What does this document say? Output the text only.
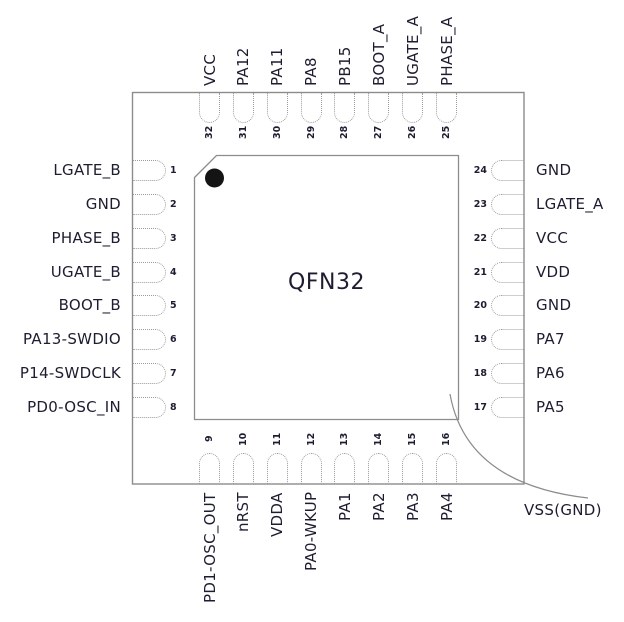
32
VCC
31
PA12
30
PA11
29
PA8
28
PB15
27
BOOT_A
26
UGATE_A
25
PHASE_A
1
LGATE_B
2
GND
3
PHASE_B
4
UGATE_B
5
BOOT_B
6
PA13-SWDIO
7
P14-SWDCLK
8
PD0-OSC_IN
24	GND
23	LGATE_A
22	VCC
21	VDD
20	GND
19	PA7
18	PA6
17	PA5
9
PD1-OSC_OUT
10
nRST
11
VDDA
12
PA0-WKUP
13
PA1
14
PA2
15
PA3
16
PA4
QFN32
VSS(GND)
